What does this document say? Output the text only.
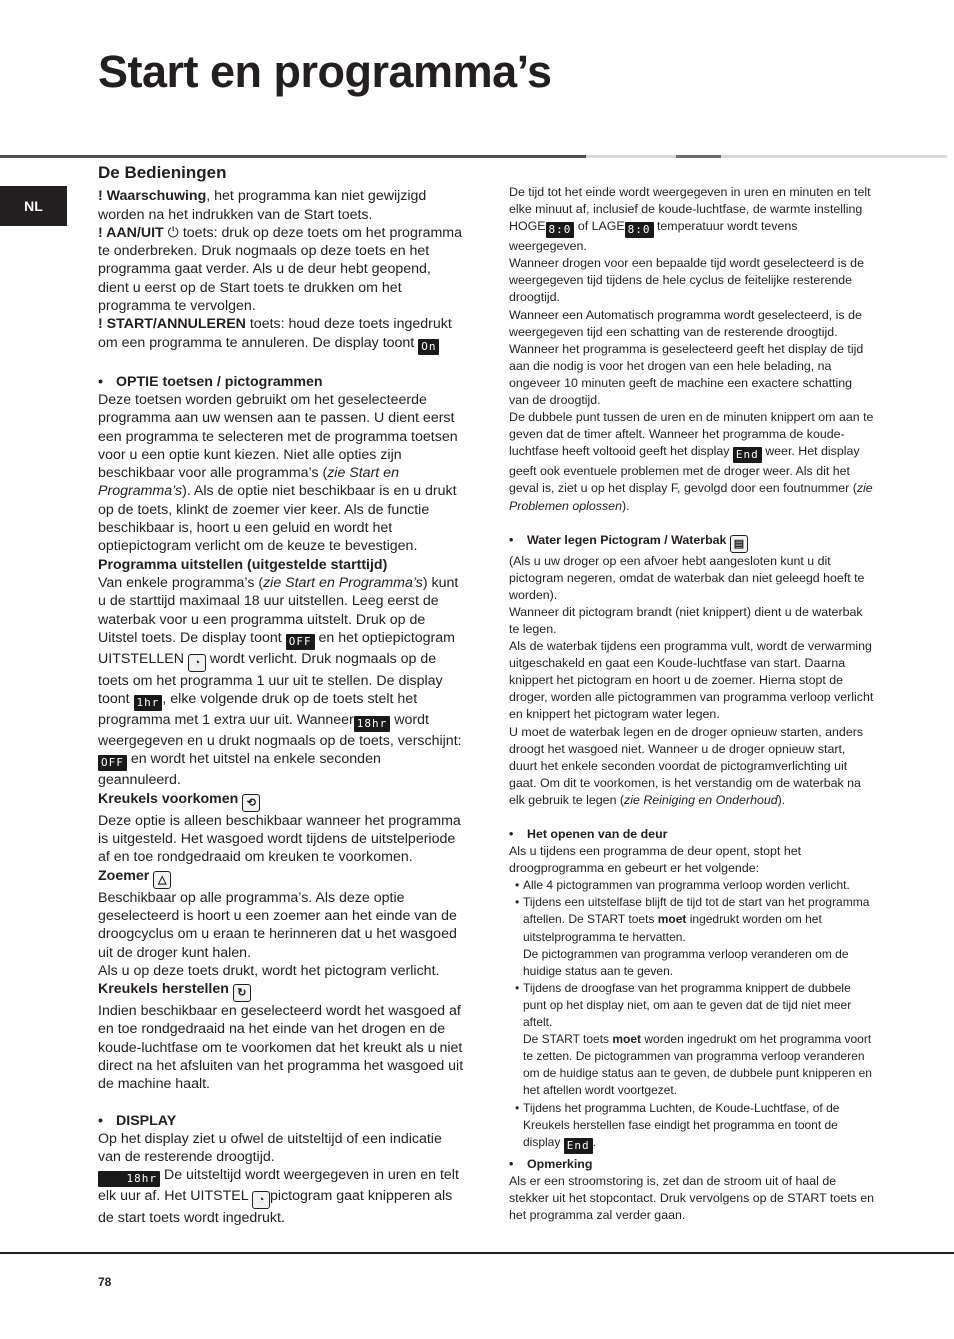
Start en programma’s
NL
De Bedieningen

! Waarschuwing, het programma kan niet gewijzigd worden na het indrukken van de Start toets.

! AAN/UIT ⏻ toets: druk op deze toets om het programma te onderbreken. Druk nogmaals op deze toets en het programma gaat verder. Als u de deur hebt geopend, dient u eerst op de Start toets te drukken om het programma te vervolgen.

! START/ANNULEREN toets: houd deze toets ingedrukt om een programma te annuleren. De display toont On

• OPTIE toetsen / pictogrammen

Deze toetsen worden gebruikt om het geselecteerde programma aan uw wensen aan te passen. U dient eerst een programma te selecteren met de programma toetsen voor u een optie kunt kiezen. Niet alle opties zijn beschikbaar voor alle programma’s (zie Start en Programma’s). Als de optie niet beschikbaar is en u drukt op de toets, klinkt de zoemer vier keer. Als de functie beschikbaar is, hoort u een geluid en wordt het optiepictogram verlicht om de keuze te bevestigen.

Programma uitstellen (uitgestelde starttijd)

Van enkele programma’s (zie Start en Programma’s) kunt u de starttijd maximaal 18 uur uitstellen. Leeg eerst de waterbak voor u een programma uitstelt. Druk op de Uitstel toets. De display toont OFF en het optiepictogram UITSTELLEN ◔ wordt verlicht. Druk nogmaals op de toets om het programma 1 uur uit te stellen. De display toont 1hr , elke volgende druk op de toets stelt het programma met 1 extra uur uit. Wanneer 18hr wordt weergegeven en u drukt nogmaals op de toets, verschijnt: OFF en wordt het uitstel na enkele seconden geannuleerd.

Kreukels voorkomen ⟲

Deze optie is alleen beschikbaar wanneer het programma is uitgesteld. Het wasgoed wordt tijdens de uitstelperiode af en toe rondgedraaid om kreuken te voorkomen.

Zoemer △

Beschikbaar op alle programma’s. Als deze optie geselecteerd is hoort u een zoemer aan het einde van de droogcyclus om u eraan te herinneren dat u het wasgoed uit de droger kunt halen.

Als u op deze toets drukt, wordt het pictogram verlicht.

Kreukels herstellen ↻

Indien beschikbaar en geselecteerd wordt het wasgoed af en toe rondgedraaid na het einde van het drogen en de koude-luchtfase om te voorkomen dat het kreukt als u niet direct na het afsluiten van het programma het wasgoed uit de machine haalt.

• DISPLAY

Op het display ziet u ofwel de uitsteltijd of een indicatie van de resterende droogtijd.

18hr De uitsteltijd wordt weergegeven in uren en telt elk uur af. Het UITSTEL ◔ pictogram gaat knipperen als de start toets wordt ingedrukt.

De tijd tot het einde wordt weergegeven in uren en minuten en telt elke minuut af, inclusief de koude-luchtfase, de warmte instelling HOGE 8:0 of LAGE 8:0 temperatuur wordt tevens weergegeven.

Wanneer drogen voor een bepaalde tijd wordt geselecteerd is de weergegeven tijd tijdens de hele cyclus de feitelijke resterende droogtijd.

Wanneer een Automatisch programma wordt geselecteerd, is de weergegeven tijd een schatting van de resterende droogtijd. Wanneer het programma is geselecteerd geeft het display de tijd aan die nodig is voor het drogen van een hele belading, na ongeveer 10 minuten geeft de machine een exactere schatting van de droogtijd.

De dubbele punt tussen de uren en de minuten knippert om aan te geven dat de timer aftelt. Wanneer het programma de koude-luchtfase heeft voltooid geeft het display End weer. Het display geeft ook eventuele problemen met de droger weer. Als dit het geval is, ziet u op het display F, gevolgd door een foutnummer (zie Problemen oplossen).

• Water legen Pictogram / Waterbak ▤

(Als u uw droger op een afvoer hebt aangesloten kunt u dit pictogram negeren, omdat de waterbak dan niet geleegd hoeft te worden).

Wanneer dit pictogram brandt (niet knippert) dient u de waterbak te legen.

Als de waterbak tijdens een programma vult, wordt de verwarming uitgeschakeld en gaat een Koude-luchtfase van start. Daarna knippert het pictogram en hoort u de zoemer. Hierna stopt de droger, worden alle pictogrammen van programma verloop verlicht en knippert het pictogram water legen.

U moet de waterbak legen en de droger opnieuw starten, anders droogt het wasgoed niet. Wanneer u de droger opnieuw start, duurt het enkele seconden voordat de pictogramverlichting uit gaat. Om dit te voorkomen, is het verstandig om de waterbak na elk gebruik te legen (zie Reiniging en Onderhoud).

• Het openen van de deur

Als u tijdens een programma de deur opent, stopt het droogprogramma en gebeurt er het volgende:

• Alle 4 pictogrammen van programma verloop worden verlicht.
• Tijdens een uitstelfase blijft de tijd tot de start van het programma aftellen. De START toets moet ingedrukt worden om het uitstelprogramma te hervatten.
De pictogrammen van programma verloop veranderen om de huidige status aan te geven.
• Tijdens de droogfase van het programma knippert de dubbele punt op het display niet, om aan te geven dat de tijd niet meer aftelt.
De START toets moet worden ingedrukt om het programma voort te zetten. De pictogrammen van programma verloop veranderen om de huidige status aan te geven, de dubbele punt knipperen en het aftellen wordt voortgezet.
• Tijdens het programma Luchten, de Koude-Luchtfase, of de Kreukels herstellen fase eindigt het programma en toont de display End .
• Opmerking

Als er een stroomstoring is, zet dan de stroom uit of haal de stekker uit het stopcontact. Druk vervolgens op de START toets en het programma zal verder gaan.

78
